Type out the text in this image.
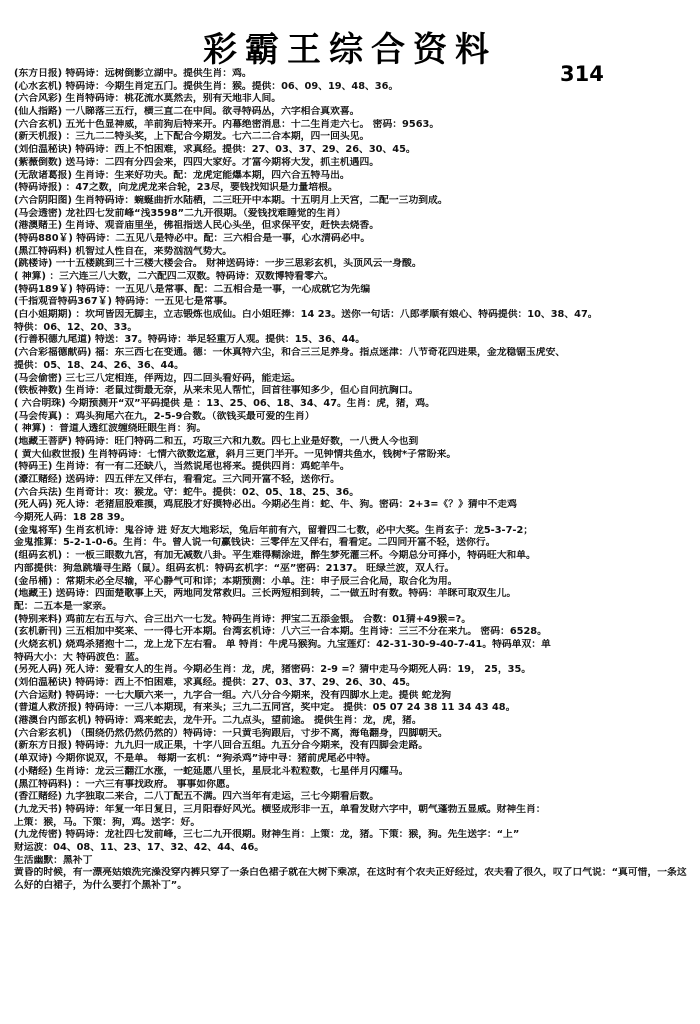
彩霸王综合资料
314
(东方日报) 特码诗：远树倒影立湖中。提供生肖：鸡。
(心水玄机) 特码诗：今期生肖定五门。提供生肖：猴。提供：06、09、19、48、36。
(六合风彩) 生肖特码诗：桃花流水莫然去，别有天地非人间。
(仙人指路) 一八睇落三五行，横三直二在中间。欲寻特码丛，六字相合真欢喜。
(六合玄机) 五光十色显神威，羊前狗后特来开。内幕绝密消息：十二生肖走六七。 密码：9563。
(新天机报) ：三九二二特头奖，上下配合今期发。七六二二合本期，四一回头见。
(刘伯温秘诀) 特码诗：西上不怕困难，求真经。提供：27、03、37、29、26、30、45。
(紫薇倒数) 送马诗：二四有分四会来，四四大家好。才富今期将大发，抓主机遇四。
(无敌诸葛报) 生肖诗：生来好功夫。配：龙虎定能爆本期，四六合五特马出。
(特码诗报) ：47之数，向龙虎龙来合轮，23尽，要钱找知识是力量培根。
(六合阴阳图) 生肖特码诗：蜿蜒曲折水陆栖，二三旺开中本期。十五明月上天宫，二配一三功到成。
(马会透密) 龙社四七发前峰“浅3598”二九开很期。（爱钱找难睡觉的生肖）
(港澳赌王) 生肖诗、观音庙里坐，佛祖指送人民心头坐，但求保平安，赶快去烧香。
(特码880￥) 特码诗：二五见八是特必中。配：三六相合是一事，心水清码必中。
(黑江特码料) 机智过人性自在，来势汹汹气势大。
(跳楼诗) 一十五楼跳到三十三楼大楼会合。 财神送码诗：一步三思彩玄机，头顶风云一身酸。
( 神算) ：三六连三八大数，二六配四二双数。特码诗：双数博特看零六。
(特码189￥) 特码诗：一五见八是常事、配：二五相合是一事，一心成就它为先编
(千指观音特码367￥) 特码诗：一五见七是常事。
(白小姐期期) ：坎坷皆因无脚主，立志锻炼也成仙。白小姐旺捧：14 23。送你一句话：八郎孝顺有娘心、特码提供：10、38、47。
特供：06、12、20、33。
(行善积德九尾道) 特送：37。特码诗：举足轻重万人观。提供：15、36、44。
(六合彩福德献码) 福：东三西七在变通。德：一休真特六尘，和合三三足养身。指点迷津：八节奇花四进果，金龙稳锯玉虎安、
提供：05、18、24、26、36、44。
(马会偷密) 三七三八定相连，伴两边，四二回头看好码，能走运。
(铁板神数) 生肖诗：老鼠过街最无奈，从来未见人帮忙，回首往事知多少，但心自问抗胸口。
( 六合明珠) 今期预测开“双”平码提供 是 ：13、25、06、18、34、47。生肖：虎，猪，鸡。
(马会传真) ：鸡头狗尾六在九，2-5-9合数。（欲钱买最可爱的生肖）
( 神算) ：普道人透红波缠绕旺眼生肖：狗。
(地藏王菩萨) 特码诗：旺门特码二和五，巧取三六和九数。四七上业是好数，一八贵人今也到
( 黄大仙救世报) 生肖特码诗：七情六欲数迄意，斜月三更门半开。一见钟情共鱼水，钱树*子常盼来。
(特码王) 生肖诗：有一有二还缺八，当然说尾也将来。提供四肖：鸡蛇羊牛。
(濠江赌经) 送码诗：四五伴左又伴右，看看定。三六同开富不轻，送你行。
(六合兵法) 生肖奇计：攻：猴龙。守：蛇牛。提供：02、05、18、25、36。
(死人码) 死人诗：老猪屈股难摸，鸡屁股才好摸特必出。今期必生肖：蛇、牛、狗。密码：2+3=《？》猜中不走鸡
今期死人码：18 28 39。
(金鬼将军) 生肖玄机诗：鬼谷诗 进 好友大地彩坛，兔后年前有六，留着四二七数，必中大奖。生肖玄子：龙5-3-7-2；
金鬼推算：5-2-1-0-6。生肖：牛。曾人说一句赢钱诀：三零伴左又伴右，看看定。二四同开富不轻，送你行。
(组码玄机) ：一板三眼数九宫，有加无减数八卦。平生难得糊涂进，醉生梦死灌三杯。今期总分可择小，特码旺大和单。
内部提供：狗急跳墙寻生路（鼠）。组码玄机：特码玄机字：“巫”密码：2137。 旺绿兰波，双人行。
(金吊桶) ：常期未必全尽输，平心静气可和详；本期预测：小单。注：申子辰三合化局，取合化为用。
(地藏王) 送码诗：四面楚歌事上天，两地同发常救归。三长两短相到转，二一做五时有数。特码：羊眯可取双生儿。
配：二五本是一家亲。
(特别来料) 鸡前左右五与六、合三出六一七发。特码生肖诗：押宝二五添金银。 合数：01猜+49猴=?。
(玄机新刊) 三五相加中奖来、一一得七开本期。台湾玄机诗：八六三一合本期。生肖诗：三三不分在来九。 密码：6528。
(火烧玄机) 烧鸡杀猪抱十二，龙上龙下左右看。 单 特肖：牛虎马猴狗。九宝莲灯：42-31-30-9-40-7-41。特码单双：单
特码大小：大 特码波色：蓝。
(另死人码) 死人诗：爱看女人的生肖。今期必生肖：龙，虎，猪密码：2-9 =？猜中走马今期死人码：19， 25，35。
(刘伯温秘诀) 特码诗：西上不怕困难，求真经。提供：27、03、37、29、26、30、45。
(六合运财) 特码诗：一七大顺六来一，九字合一组。六八分合今期来，没有四脚水上走。提供 蛇龙狗
(普道人救济报) 特码诗：一三八本期现，有来头；三九二五同宫，奖中定。 提供：05 07 24 38 11 34 43 48。
(港澳台内部玄机) 特码诗：鸡来蛇去，龙牛开。二九点头，望前途。 提供生肖：龙，虎，猪。
(六合彩玄机) （围绕仍然仍然仍然的）特码诗：一只黄毛狗跟后，寸步不离，海龟翻身，四脚朝天。
(新东方日报) 特码诗：九九归一成正果，十字八回合五组。九五分合今期来，没有四脚会走路。
(单双诗) 今期你说双，不是单。 每期一玄机：“狗杀鸡”诗中寻：猪前虎尾必中特。
(小赌经) 生肖诗：龙云三翻江水涨，一蛇延愿八里长，星辰北斗粒粒数，七星伴月闪耀马。
(黑江特码料) ：一六三有事找政府。 事事如你愿。
(香江赌经) 九字独取二来合，二八丁配五不满。四六当年有走运，三七今期看后数。
(九龙天书) 特码诗：年复一年日复日，三月阳春好风光。横竖成形非一五，单看发财六字中，朝气蓬勃五显威。财神生肖：
上策：猴，马。下策：狗，鸡。送字：好。
(九龙传密) 特码诗：龙社四七发前峰，三七二九开很期。财神生肖：上策：龙，猪。下策：猴，狗。先生送字：“上”
财运波：04、08、11、23、17、32、42、44、46。
生活幽默：黑补丁
黄昏的时候，有一漂亮姑娘洗完澡没穿内裤只穿了一条白色裙子就在大树下乘凉，在这时有个农夫正好经过，农夫看了很久，叹了口气说：“真可惜，一条这么好的白裙子，为什么要打个黑补丁”。
